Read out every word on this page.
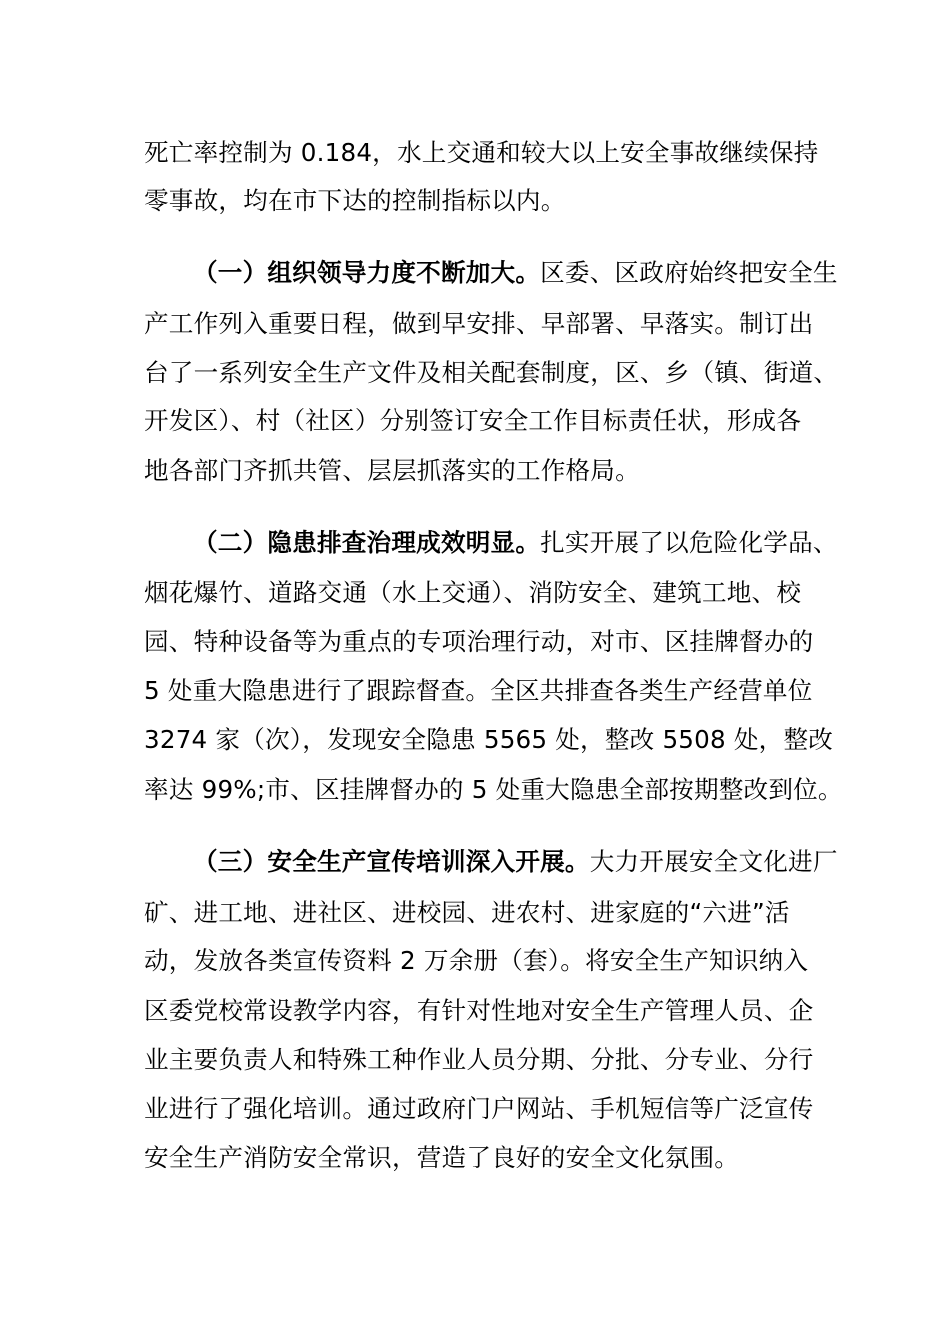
死亡率控制为 0.184，水上交通和较大以上安全事故继续保持
零事故，均在市下达的控制指标以内。
（一）组织领导力度不断加大。区委、区政府始终把安全生
产工作列入重要日程，做到早安排、早部署、早落实。制订出
台了一系列安全生产文件及相关配套制度，区、乡（镇、街道、
开发区）、村（社区）分别签订安全工作目标责任状，形成各
地各部门齐抓共管、层层抓落实的工作格局。
（二）隐患排查治理成效明显。扎实开展了以危险化学品、
烟花爆竹、道路交通（水上交通）、消防安全、建筑工地、校
园、特种设备等为重点的专项治理行动，对市、区挂牌督办的
5 处重大隐患进行了跟踪督查。全区共排查各类生产经营单位
3274 家（次），发现安全隐患 5565 处，整改 5508 处，整改
率达 99%;市、区挂牌督办的 5 处重大隐患全部按期整改到位。
（三）安全生产宣传培训深入开展。大力开展安全文化进厂
矿、进工地、进社区、进校园、进农村、进家庭的“六进”活
动，发放各类宣传资料 2 万余册（套）。将安全生产知识纳入
区委党校常设教学内容，有针对性地对安全生产管理人员、企
业主要负责人和特殊工种作业人员分期、分批、分专业、分行
业进行了强化培训。通过政府门户网站、手机短信等广泛宣传
安全生产消防安全常识，营造了良好的安全文化氛围。
